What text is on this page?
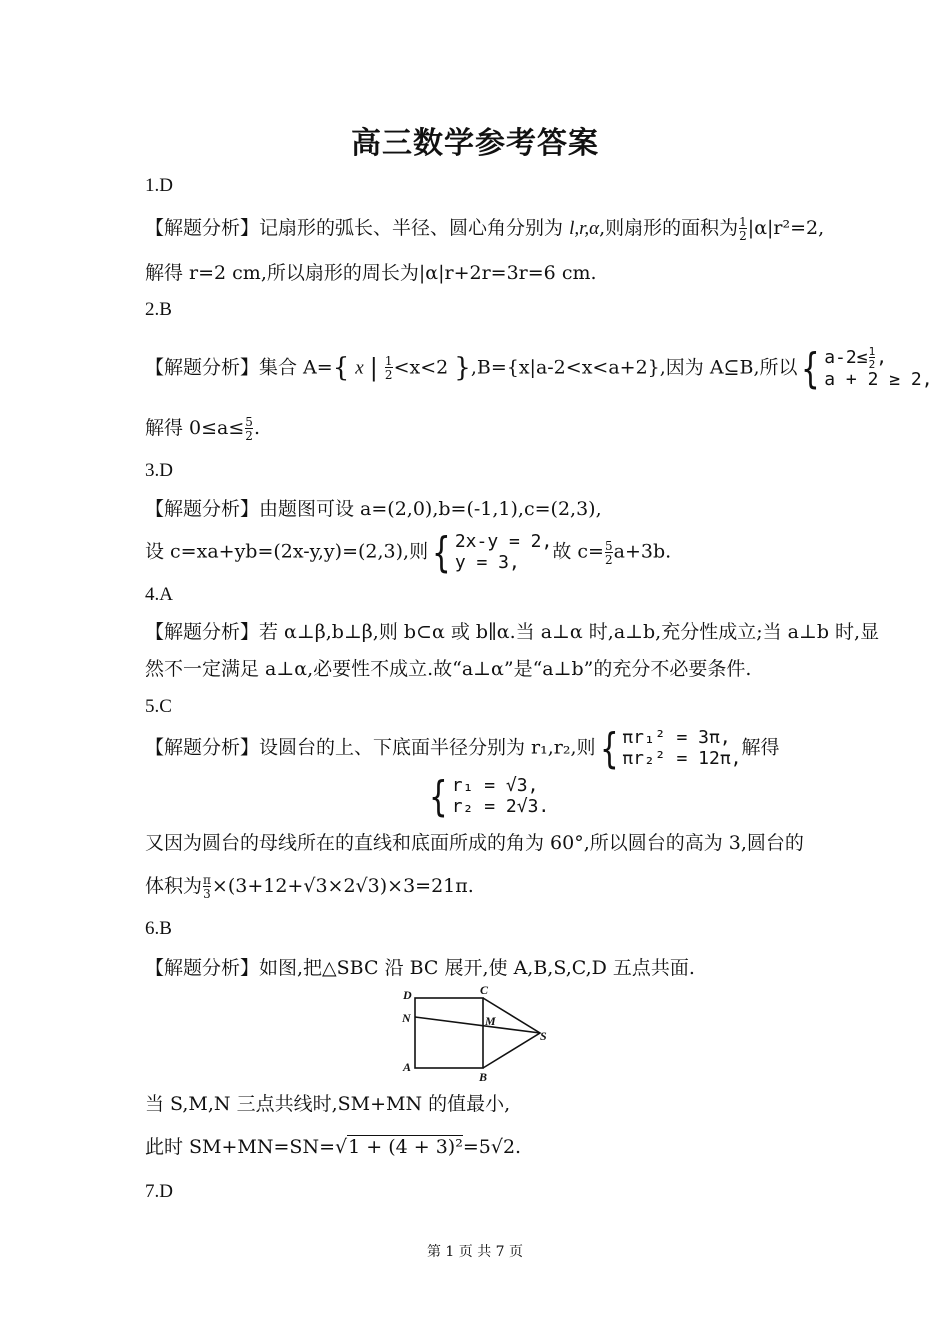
高三数学参考答案
1.D
【解题分析】记扇形的弧长、半径、圆心角分别为 l,r,α,则扇形的面积为 $\frac{1}{2} |\alpha|r^2=2$,
解得 r=2 cm,所以扇形的周长为|α|r+2r=3r=6 cm.
2.B
【解题分析】集合 A={ x | $\frac{1}{2} <x<2$ },B={x|a-2<x<a+2},因为 A⊆B,所以{ $a-2\le \frac{1}{2}$ ,
a + 2 ≥ 2,
解得 $0\le a\le \frac{5}{2}$ .
3.D
【解题分析】由题图可设 a=(2,0),b=(-1,1),c=(2,3),
设 c=xa+yb=(2x-y,y)=(2,3),则{ 2x-y = 2,
y = 3,	故 $c= \frac{5}{2} a+3b$.
4.A
【解题分析】若 α⊥β,b⊥β,则 b⊂α 或 b∥α.当 a⊥α 时,a⊥b,充分性成立;当 a⊥b 时,显
然不一定满足 a⊥α,必要性不成立.故“a⊥α”是“a⊥b”的充分不必要条件.
5.C
【解题分析】设圆台的上、下底面半径分别为 r₁,r₂,则{ πr₁² = 3π,
πr₂² = 12π, 解得
{ r₁ = √3,
r₂ = 2√3.
又因为圆台的母线所在的直线和底面所成的角为 60°,所以圆台的高为 3,圆台的
体积为 $\frac{\pi}{3} \times(3+12+√3\times 2√3)\times 3=21\pi$.
6.B
【解题分析】如图,把△SBC 沿 BC 展开,使 A,B,S,C,D 五点共面.
D	C
N	M
S
A
B
当 S,M,N 三点共线时,SM+MN 的值最小,
此时 SM+MN=SN=√1 + (4 + 3)²=5√2.
7.D
第 1 页 共 7 页
